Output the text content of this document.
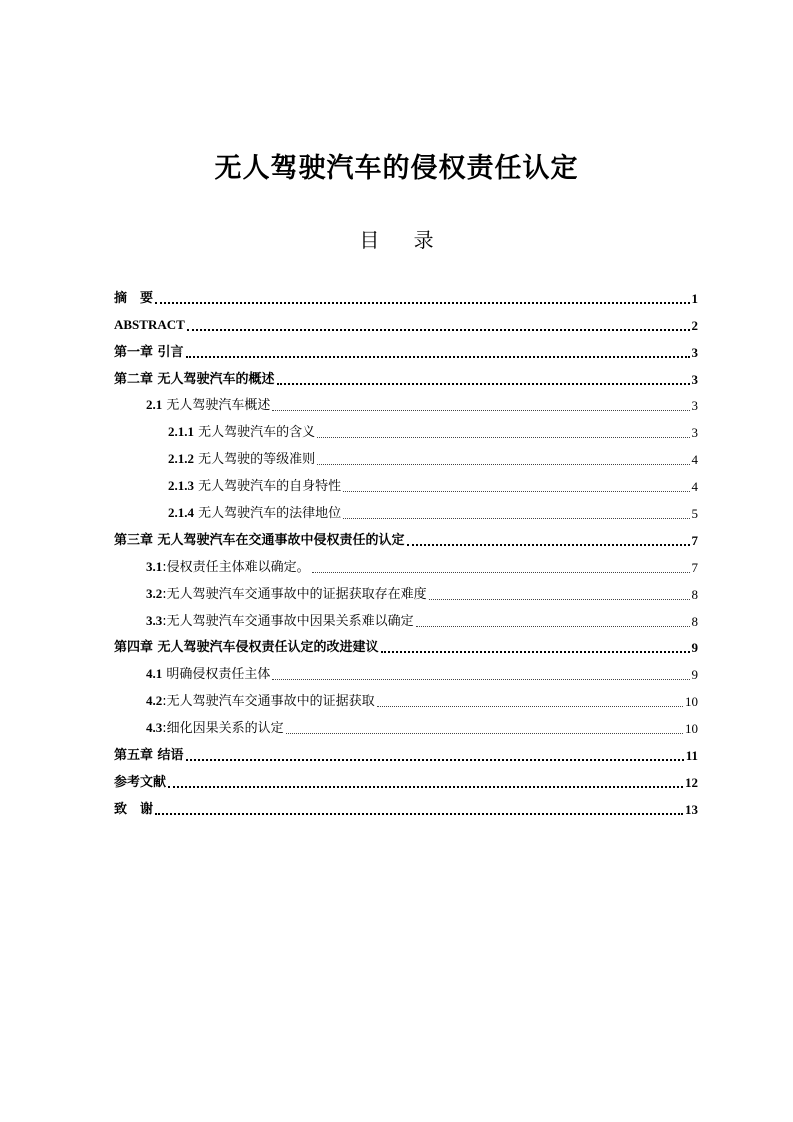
无人驾驶汽车的侵权责任认定
目 录
摘　要	1
ABSTRACT	2
第一章 引言	3
第二章 无人驾驶汽车的概述	3
2.1 无人驾驶汽车概述	3
2.1.1 无人驾驶汽车的含义	3
2.1.2 无人驾驶的等级准则	4
2.1.3 无人驾驶汽车的自身特性	4
2.1.4 无人驾驶汽车的法律地位	5
第三章 无人驾驶汽车在交通事故中侵权责任的认定	7
3.1:侵权责任主体难以确定。	7
3.2:无人驾驶汽车交通事故中的证据获取存在难度	8
3.3:无人驾驶汽车交通事故中因果关系难以确定	8
第四章 无人驾驶汽车侵权责任认定的改进建议	9
4.1 明确侵权责任主体	9
4.2:无人驾驶汽车交通事故中的证据获取	10
4.3:细化因果关系的认定	10
第五章 结语	11
参考文献	12
致　谢	13
